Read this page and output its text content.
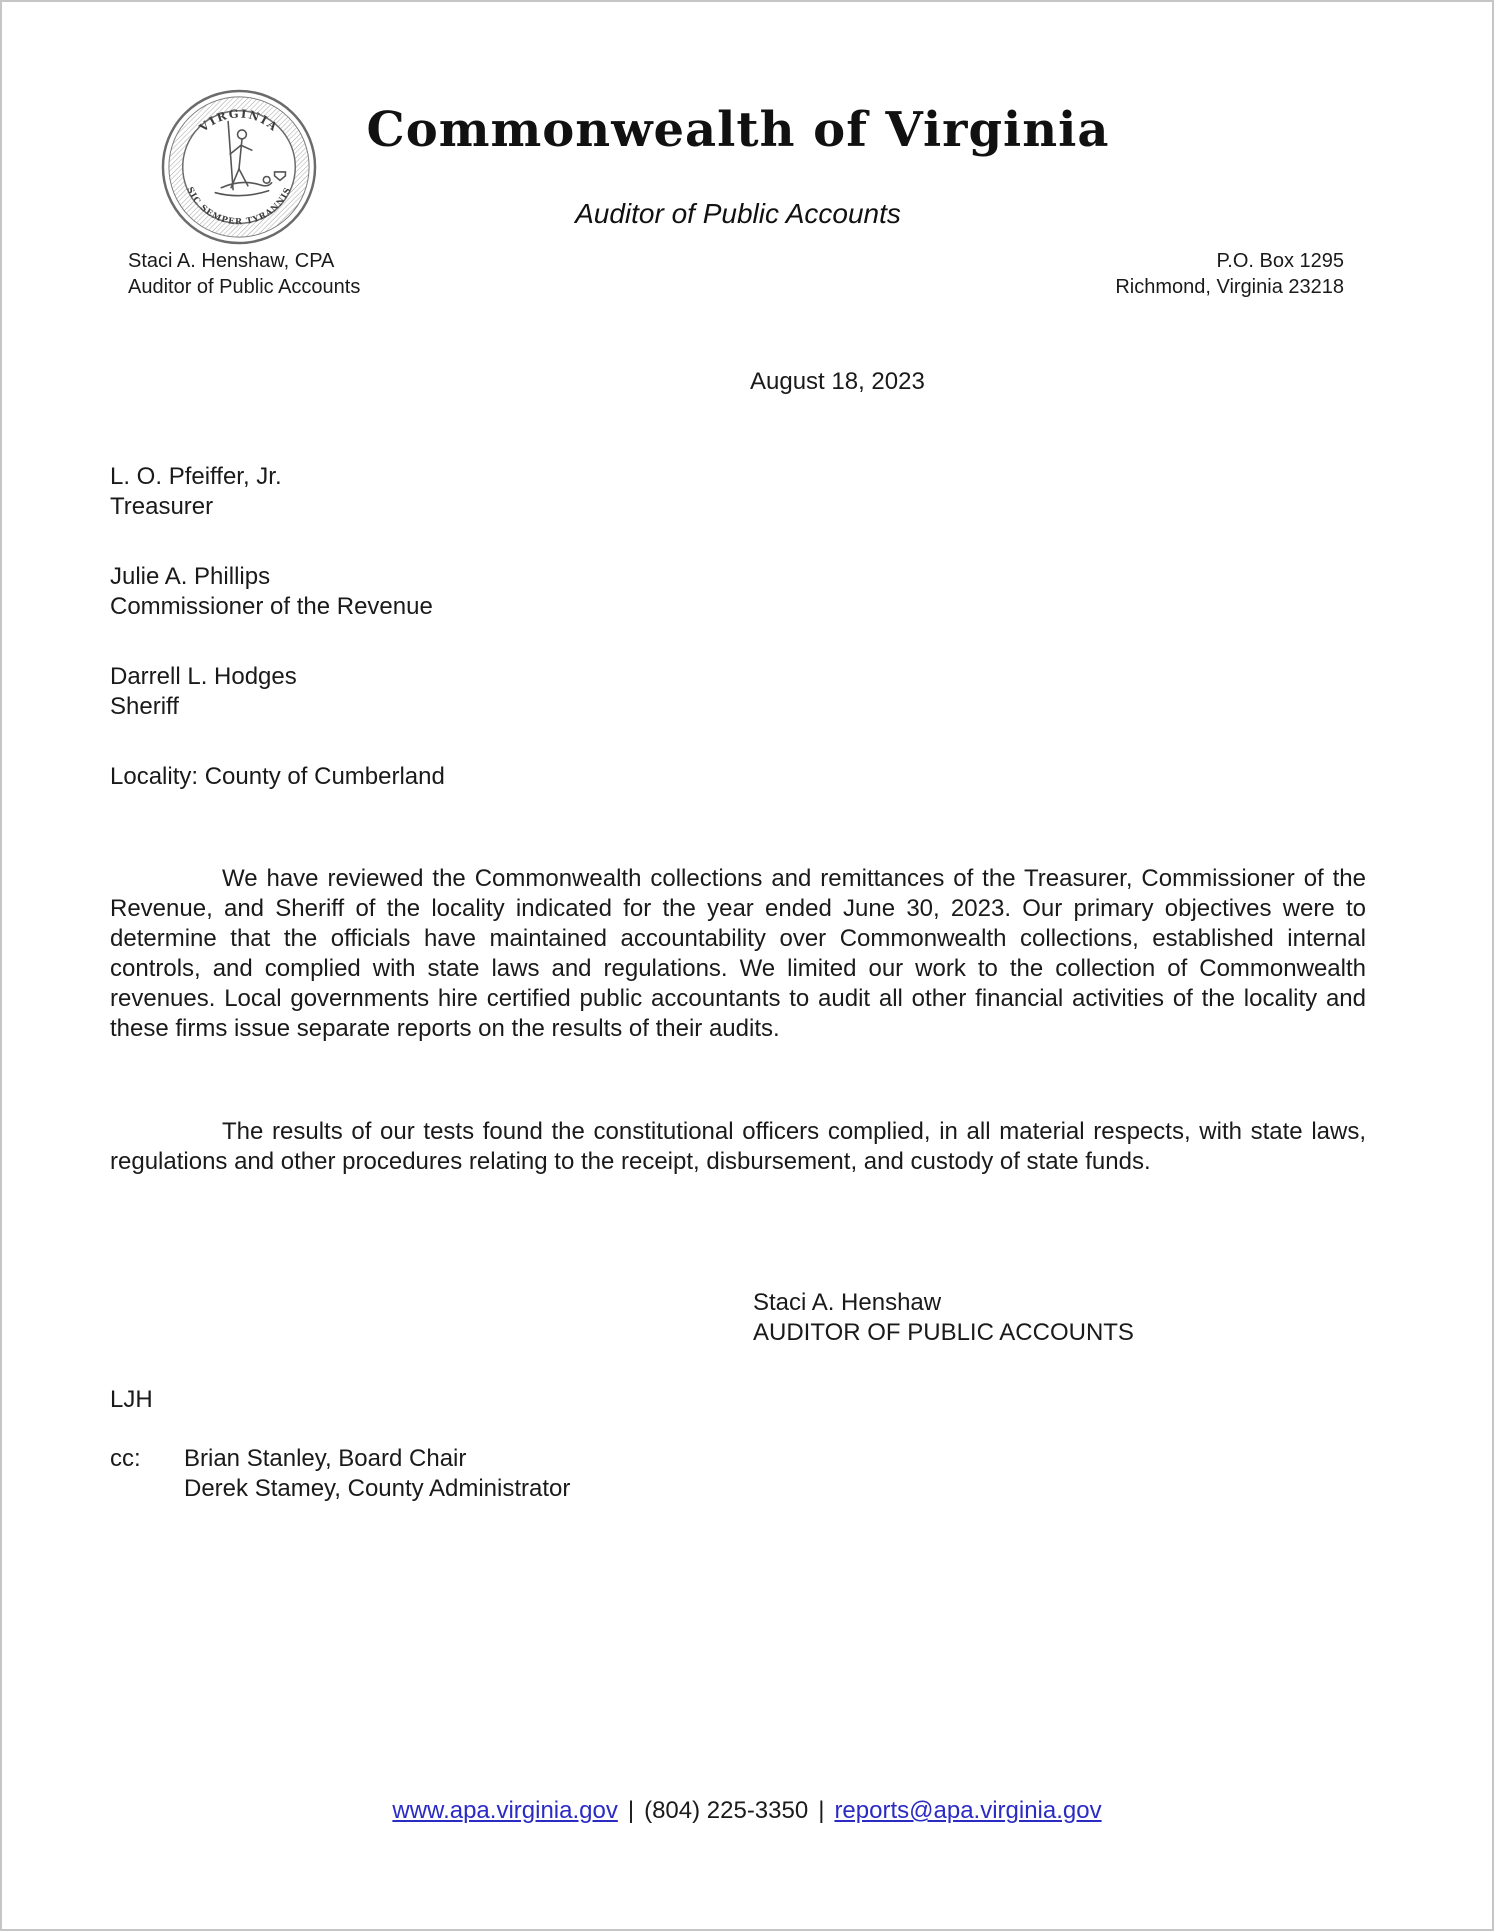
VIRGINIA
SIC SEMPER TYRANNIS
Commonwealth of Virginia
Auditor of Public Accounts
Staci A. Henshaw, CPA
Auditor of Public Accounts
P.O. Box 1295
Richmond, Virginia 23218
August 18, 2023
L. O. Pfeiffer, Jr.
Treasurer
Julie A. Phillips
Commissioner of the Revenue
Darrell L. Hodges
Sheriff
Locality: County of Cumberland

We have reviewed the Commonwealth collections and remittances of the Treasurer, Commissioner of the Revenue, and Sheriff of the locality indicated for the year ended June 30, 2023. Our primary objectives were to determine that the officials have maintained accountability over Commonwealth collections, established internal controls, and complied with state laws and regulations. We limited our work to the collection of Commonwealth revenues. Local governments hire certified public accountants to audit all other financial activities of the locality and these firms issue separate reports on the results of their audits.

The results of our tests found the constitutional officers complied, in all material respects, with state laws, regulations and other procedures relating to the receipt, disbursement, and custody of state funds.

Staci A. Henshaw
AUDITOR OF PUBLIC ACCOUNTS
LJH
cc:	Brian Stanley, Board Chair
Derek Stamey, County Administrator
www.apa.virginia.gov | (804) 225-3350 | reports@apa.virginia.gov
